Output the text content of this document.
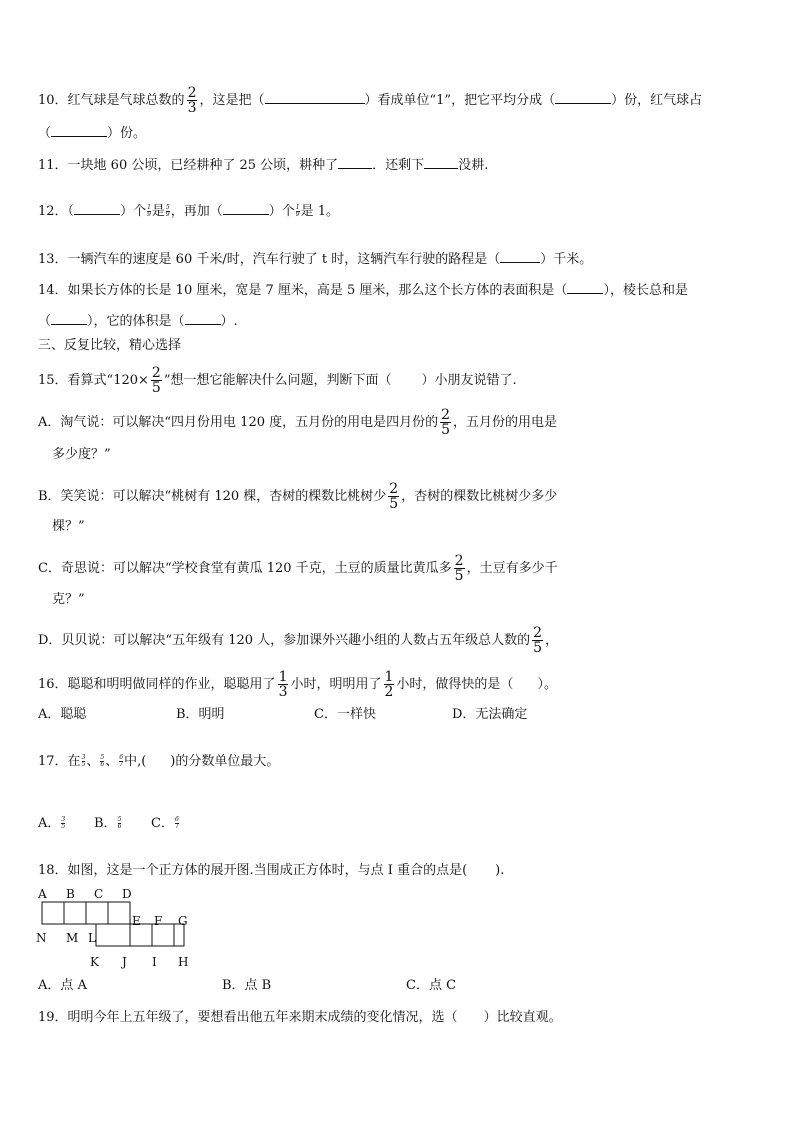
10．红气球是气球总数的 $\frac{2}{3}$ ，这是把（	）看成单位“1”，把它平均分成（	）份，红气球占
（	）份。
11．一块地 60 公顷，已经耕种了 25 公顷，耕种了	．还剩下	没耕.
12．（	）个 $\frac{1}{9}$是 $\frac{5}{9}$，再加（	）个 $\frac{1}{9}$是 1。
13．一辆汽车的速度是 60 千米/时，汽车行驶了 t 时，这辆汽车行驶的路程是（	）千米。
14．如果长方体的长是 10 厘米，宽是 7 厘米，高是 5 厘米，那么这个长方体的表面积是（	），棱长总和是
（	），它的体积是（	）.
三、反复比较，精心选择
15．看算式“$120\times \frac{2}{5}$ ”想一想它能解决什么问题，判断下面（ ）小朋友说错了.
A．淘气说：可以解决“四月份用电 120 度，五月份的用电是四月份的 $\frac{2}{5}$ ，五月份的用电是
多少度？”
B．笑笑说：可以解决“桃树有 120 棵，杏树的棵数比桃树少 $\frac{2}{5}$ ，杏树的棵数比桃树少多少
棵？”
C．奇思说：可以解决“学校食堂有黄瓜 120 千克，土豆的质量比黄瓜多 $\frac{2}{5}$ ，土豆有多少千
克？”
D．贝贝说：可以解决“五年级有 120 人，参加课外兴趣小组的人数占五年级总人数的 $\frac{2}{5}$ ，
16．聪聪和明明做同样的作业，聪聪用了 $\frac{1}{3}$ 小时，明明用了 $\frac{1}{2}$ 小时，做得快的是（ ）。
A．聪聪	B．明明	C．一样快	D．无法确定
17．在 $\frac{3}{5}$、 $\frac{5}{6}$、 $\frac{6}{7}$中,( )的分数单位最大。
A． $\frac{3}{5}$ B． $\frac{5}{6}$ C． $\frac{6}{7}$
18．如图，这是一个正方体的展开图.当围成正方体时，与点 I 重合的点是( ).
A B C D
N M L
E F G
K J I H
A．点 A	B．点 B	C．点 C
19．明明今年上五年级了，要想看出他五年来期末成绩的变化情况，选（ ）比较直观。
